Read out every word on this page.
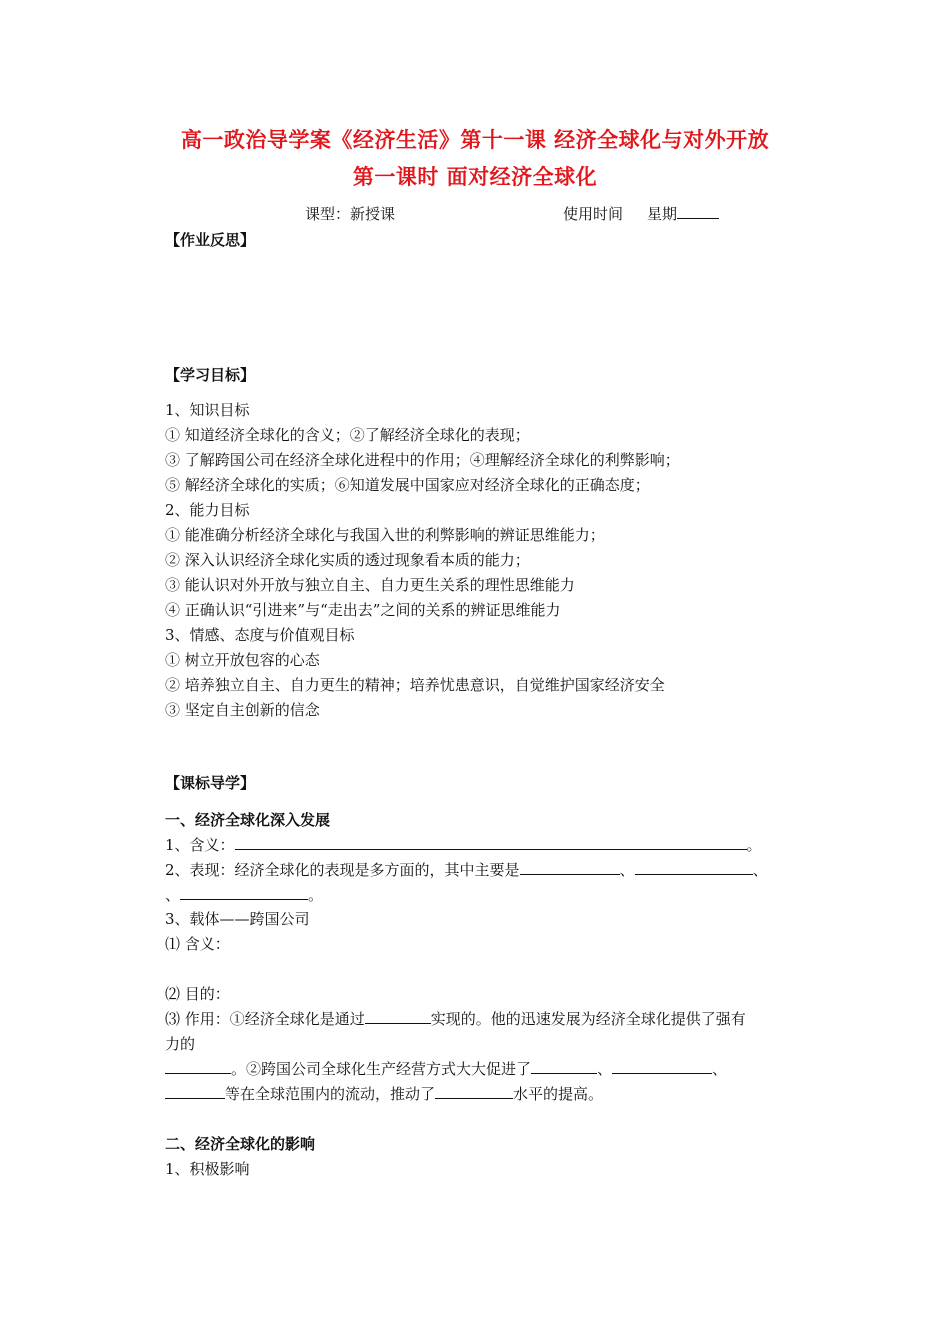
高一政治导学案《经济生活》第十一课 经济全球化与对外开放
第一课时 面对经济全球化
课型：新授课	使用时间 星期
【作业反思】
【学习目标】
1、知识目标
① 知道经济全球化的含义；②了解经济全球化的表现；
③ 了解跨国公司在经济全球化进程中的作用；④理解经济全球化的利弊影响；
⑤ 解经济全球化的实质；⑥知道发展中国家应对经济全球化的正确态度；
2、能力目标
① 能准确分析经济全球化与我国入世的利弊影响的辨证思维能力；
② 深入认识经济全球化实质的透过现象看本质的能力；
③ 能认识对外开放与独立自主、自力更生关系的理性思维能力
④ 正确认识“引进来”与“走出去”之间的关系的辨证思维能力
3、情感、态度与价值观目标
① 树立开放包容的心态
② 培养独立自主、自力更生的精神；培养忧患意识，自觉维护国家经济安全
③ 坚定自主创新的信念
【课标导学】
一、经济全球化深入发展
1、含义：	。
2、表现：经济全球化的表现是多方面的，其中主要是	、	、
、	。
3、载体——跨国公司
⑴ 含义：
⑵ 目的：
⑶ 作用：①经济全球化是通过	实现的。他的迅速发展为经济全球化提供了强有
力的
。②跨国公司全球化生产经营方式大大促进了	、	、
等在全球范围内的流动，推动了	水平的提高。
二、经济全球化的影响
1、积极影响
